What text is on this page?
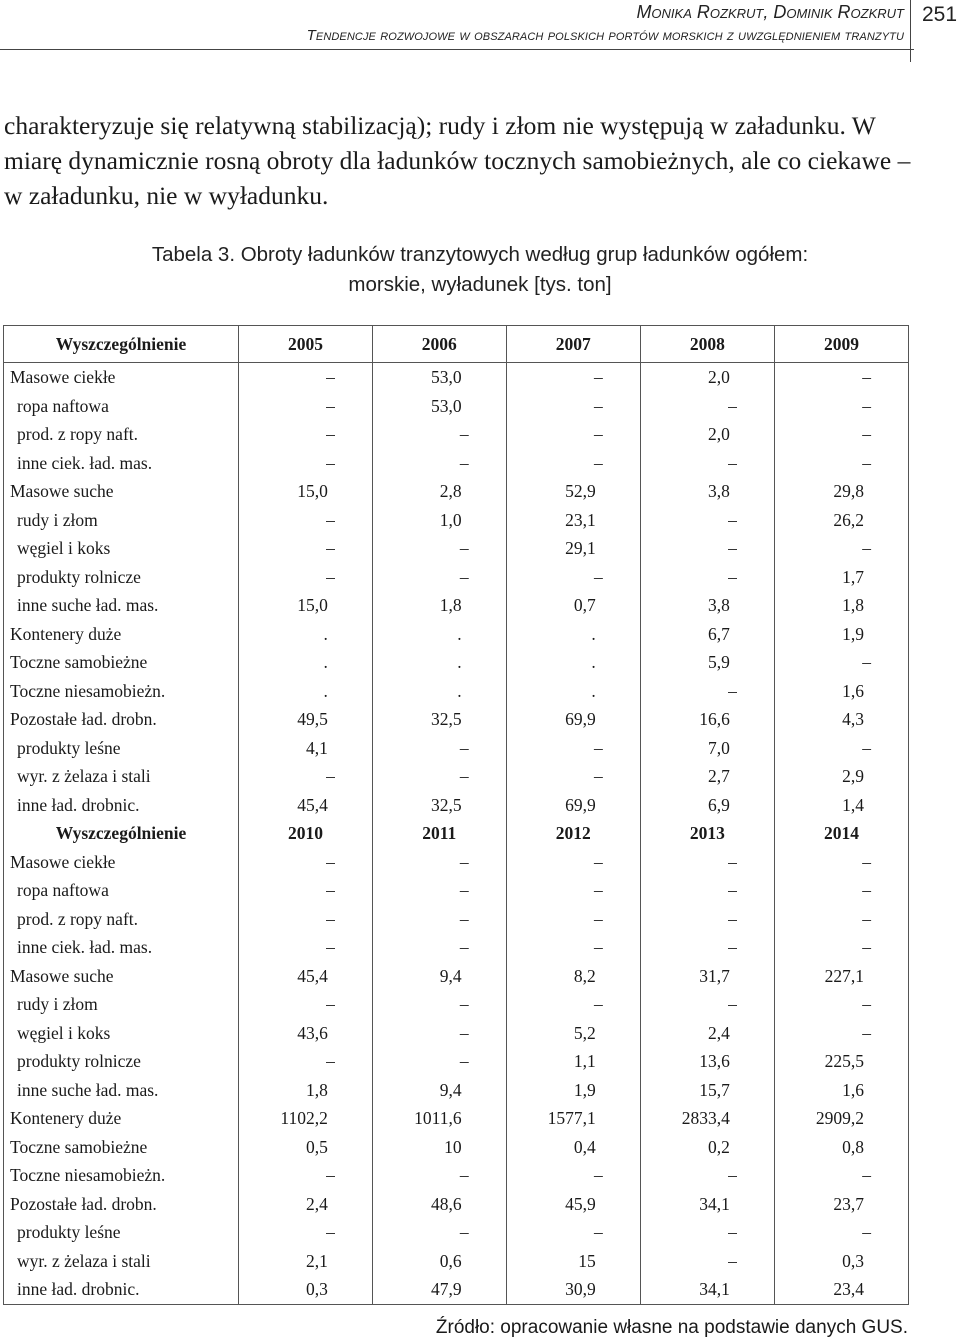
Monika Rozkrut, Dominik Rozkrut
Tendencje rozwojowe w obszarach polskich portów morskich z uwzględnieniem tranzytu
251
charakteryzuje się relatywną stabilizacją); rudy i złom nie występują w załadunku. W miarę dynamicznie rosną obroty dla ładunków tocznych samobieżnych, ale co ciekawe – w załadunku, nie w wyładunku.
Tabela 3. Obroty ładunków tranzytowych według grup ładunków ogółem:
morskie, wyładunek [tys. ton]
Wyszczególnienie	2005	2006	2007	2008	2009
Masowe ciekłe	–	53,0	–	2,0	–
ropa naftowa	–	53,0	–	–	–
prod. z ropy naft.	–	–	–	2,0	–
inne ciek. ład. mas.	–	–	–	–	–
Masowe suche	15,0	2,8	52,9	3,8	29,8
rudy i złom	–	1,0	23,1	–	26,2
węgiel i koks	–	–	29,1	–	–
produkty rolnicze	–	–	–	–	1,7
inne suche ład. mas.	15,0	1,8	0,7	3,8	1,8
Kontenery duże	.	.	.	6,7	1,9
Toczne samobieżne	.	.	.	5,9	–
Toczne niesamobieżn.	.	.	.	–	1,6
Pozostałe ład. drobn.	49,5	32,5	69,9	16,6	4,3
produkty leśne	4,1	–	–	7,0	–
wyr. z żelaza i stali	–	–	–	2,7	2,9
inne ład. drobnic.	45,4	32,5	69,9	6,9	1,4
Wyszczególnienie	2010	2011	2012	2013	2014
Masowe ciekłe	–	–	–	–	–
ropa naftowa	–	–	–	–	–
prod. z ropy naft.	–	–	–	–	–
inne ciek. ład. mas.	–	–	–	–	–
Masowe suche	45,4	9,4	8,2	31,7	227,1
rudy i złom	–	–	–	–	–
węgiel i koks	43,6	–	5,2	2,4	–
produkty rolnicze	–	–	1,1	13,6	225,5
inne suche ład. mas.	1,8	9,4	1,9	15,7	1,6
Kontenery duże	1102,2	1011,6	1577,1	2833,4	2909,2
Toczne samobieżne	0,5	10	0,4	0,2	0,8
Toczne niesamobieżn.	–	–	–	–	–
Pozostałe ład. drobn.	2,4	48,6	45,9	34,1	23,7
produkty leśne	–	–	–	–	–
wyr. z żelaza i stali	2,1	0,6	15	–	0,3
inne ład. drobnic.	0,3	47,9	30,9	34,1	23,4
Źródło: opracowanie własne na podstawie danych GUS.
